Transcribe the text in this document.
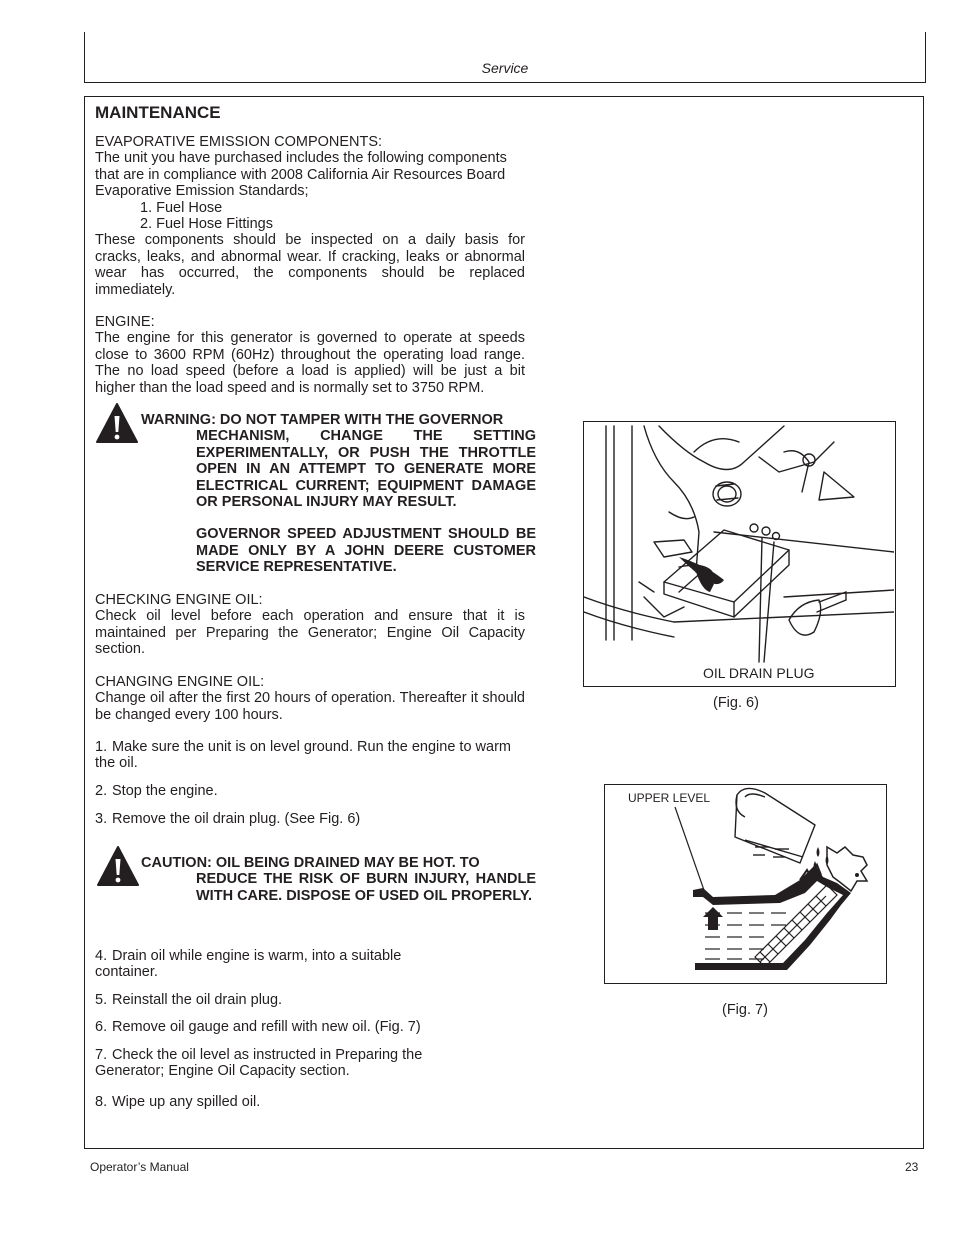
Service
MAINTENANCE
EVAPORATIVE EMISSION COMPONENTS:
The unit you have purchased includes the following components that are in compliance with 2008 California Air Resources Board Evaporative Emission Standards;
1. Fuel Hose
2. Fuel Hose Fittings
These components should be inspected on a daily basis for cracks, leaks, and abnormal wear. If cracking, leaks or abnormal wear has occurred, the components should be replaced immediately.
ENGINE:
The engine for this generator is governed to operate at speeds close to 3600 RPM (60Hz) throughout the operating load range. The no load speed (before a load is applied) will be just a bit higher than the load speed and is normally set to 3750 RPM.
WARNING: DO NOT TAMPER WITH THE GOVERNOR
MECHANISM, CHANGE THE SETTING EXPERIMENTALLY, OR PUSH THE THROTTLE OPEN IN AN ATTEMPT TO GENERATE MORE ELECTRICAL CURRENT; EQUIPMENT DAMAGE OR PERSONAL INJURY MAY RESULT.
GOVERNOR SPEED ADJUSTMENT SHOULD BE MADE ONLY BY A JOHN DEERE CUSTOMER SERVICE REPRESENTATIVE.
CHECKING ENGINE OIL:
Check oil level before each operation and ensure that it is maintained per Preparing the Generator; Engine Oil Capacity section.
CHANGING ENGINE OIL:
Change oil after the first 20 hours of operation. Thereafter it should be changed every 100 hours.
1. Make sure the unit is on level ground. Run the engine to warm the oil.
2. Stop the engine.
3. Remove the oil drain plug. (See Fig. 6)
CAUTION: OIL BEING DRAINED MAY BE HOT. TO
REDUCE THE RISK OF BURN INJURY, HANDLE WITH CARE. DISPOSE OF USED OIL PROPERLY.
4. Drain oil while engine is warm, into a suitable container.
5. Reinstall the oil drain plug.
6. Remove oil gauge and refill with new oil. (Fig. 7)
7. Check the oil level as instructed in Preparing the Generator; Engine Oil Capacity section.
8. Wipe up any spilled oil.
OIL DRAIN PLUG
(Fig. 6)
UPPER LEVEL
(Fig. 7)
Operator’s Manual	23
